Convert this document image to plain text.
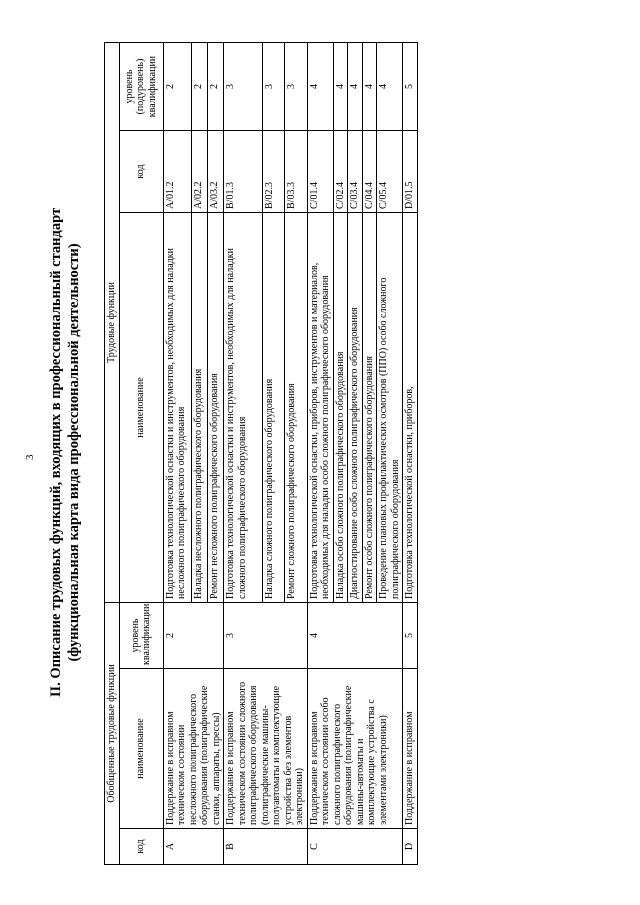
3 II. Описание трудовых функций, входящих в профессиональный стандарт (функциональная карта вида профессиональной деятельности)
Обобщенные трудовые функции			Трудовые функции		
код	наименование	уровень квалификации	наименование	код	уровень (подуровень) квалификации
A	Поддержание в исправном техническом состоянии несложного полиграфического оборудования (полиграфические станки, аппараты, прессы)	2	Подготовка технологической оснастки и инструментов, необходимых для наладки несложного полиграфического оборудования	A/01.2	2
			Наладка несложного полиграфического оборудования	A/02.2	2
			Ремонт несложного полиграфического оборудования	A/03.2	2
B	Поддержание в исправном техническом состоянии сложного полиграфического оборудования (полиграфические машины-полуавтоматы и комплектующие устройства без элементов электроники)	3	Подготовка технологической оснастки и инструментов, необходимых для наладки сложного полиграфического оборудования	B/01.3	3
			Наладка сложного полиграфического оборудования	B/02.3	3
			Ремонт сложного полиграфического оборудования	B/03.3	3
C	Поддержание в исправном техническом состоянии особо сложного полиграфического оборудования (полиграфические машины-автоматы и комплектующие устройства с элементами электроники)	4	Подготовка технологической оснастки, приборов, инструментов и материалов, необходимых для наладки особо сложного полиграфического оборудования	C/01.4	4
			Наладка особо сложного полиграфического оборудования	C/02.4	4
			Диагностирование особо сложного полиграфического оборудования	C/03.4	4
			Ремонт особо сложного полиграфического оборудования	C/04.4	4
			Проведение плановых профилактических осмотров (ППО) особо сложного полиграфического оборудования	C/05.4	4
D	Поддержание в исправном	5	Подготовка технологической оснастки, приборов,	D/01.5	5
